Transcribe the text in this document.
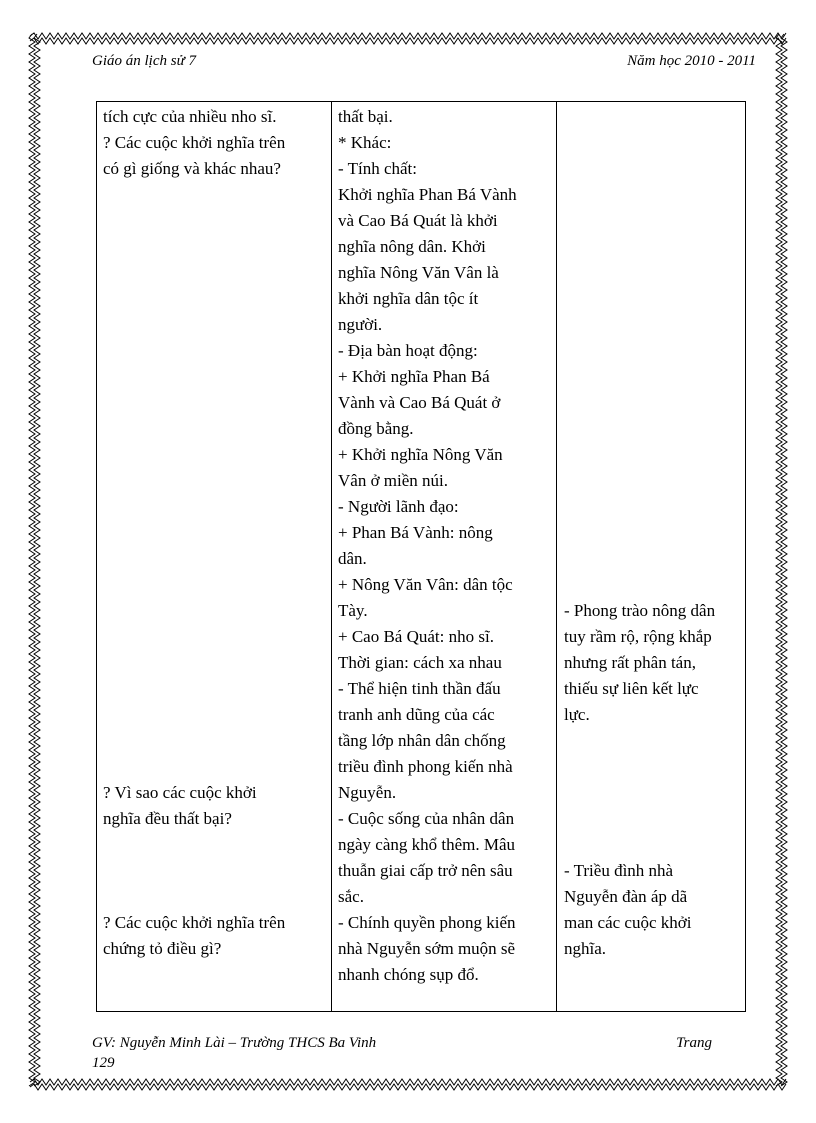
Giáo án lịch sử 7	Năm học 2010 - 2011
tích cực của nhiều nho sĩ.
? Các cuộc khởi nghĩa trên
có gì giống và khác nhau?
? Vì sao các cuộc khởi
nghĩa đều thất bại?
? Các cuộc khởi nghĩa trên
chứng tỏ điều gì?
thất bại.
* Khác:
- Tính chất:
Khởi nghĩa Phan Bá Vành
và Cao Bá Quát là khởi
nghĩa nông dân. Khởi
nghĩa Nông Văn Vân là
khởi nghĩa dân tộc ít
người.
- Địa bàn hoạt động:
+ Khởi nghĩa Phan Bá
Vành và Cao Bá Quát ở
đồng bằng.
+ Khởi nghĩa Nông Văn
Vân ở miền núi.
- Người lãnh đạo:
+ Phan Bá Vành: nông
dân.
+ Nông Văn Vân: dân tộc
Tày.
+ Cao Bá Quát: nho sĩ.
Thời gian: cách xa nhau
- Thể hiện tinh thần đấu
tranh anh dũng của các
tầng lớp nhân dân chống
triều đình phong kiến nhà
Nguyễn.
- Cuộc sống của nhân dân
ngày càng khổ thêm. Mâu
thuẫn giai cấp trở nên sâu
sắc.
- Chính quyền phong kiến
nhà Nguyễn sớm muộn sẽ
nhanh chóng sụp đổ.
- Phong trào nông dân
tuy rầm rộ, rộng khắp
nhưng rất phân tán,
thiếu sự liên kết lực
lực.
- Triều đình nhà
Nguyễn đàn áp dã
man các cuộc khởi
nghĩa.
GV: Nguyễn Minh Lài – Trường THCS Ba Vinh	Trang
129
